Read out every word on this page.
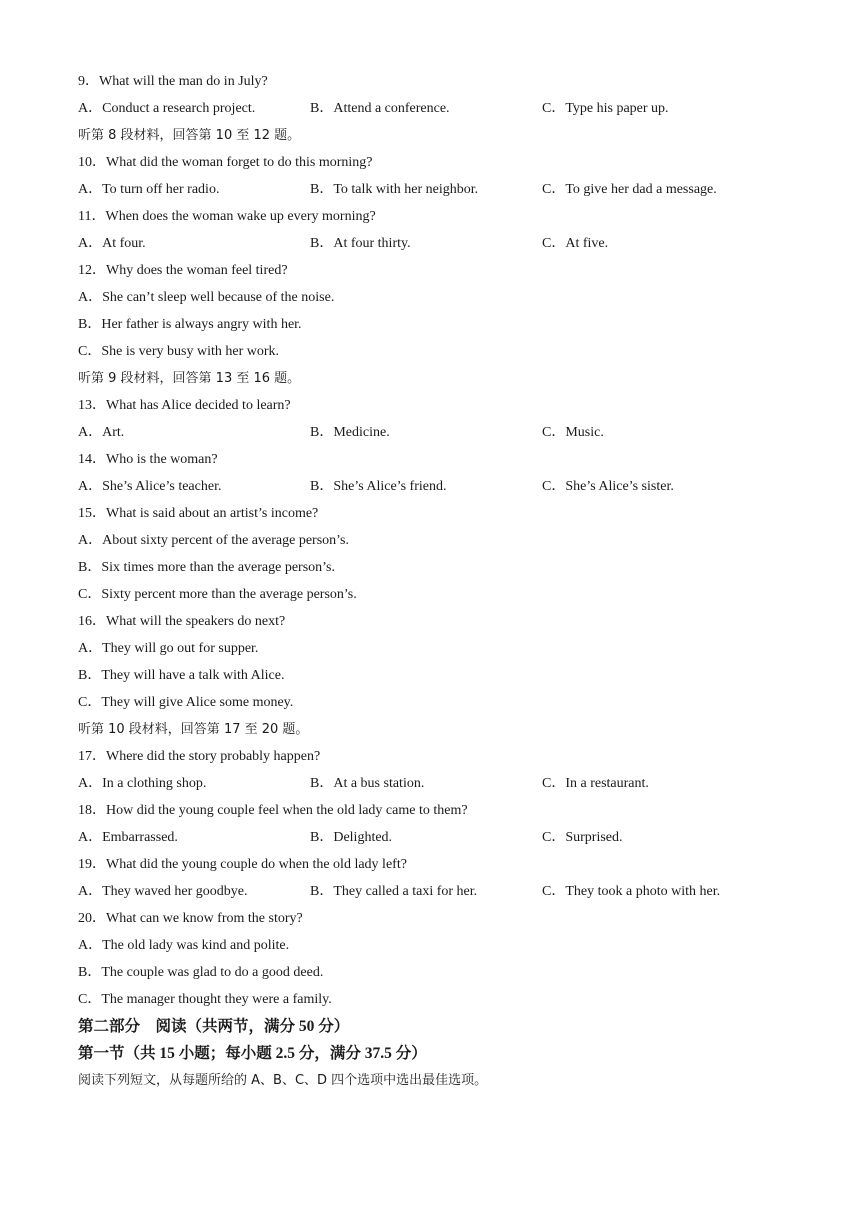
9．What will the man do in July?
A．Conduct a research project.	B．Attend a conference.	C．Type his paper up.
听第 8 段材料，回答第 10 至 12 题。
10．What did the woman forget to do this morning?
A．To turn off her radio.	B．To talk with her neighbor.	C．To give her dad a message.
11．When does the woman wake up every morning?
A．At four.	B．At four thirty.	C．At five.
12．Why does the woman feel tired?
A．She can’t sleep well because of the noise.
B．Her father is always angry with her.
C．She is very busy with her work.
听第 9 段材料，回答第 13 至 16 题。
13．What has Alice decided to learn?
A．Art.	B．Medicine.	C．Music.
14．Who is the woman?
A．She’s Alice’s teacher.	B．She’s Alice’s friend.	C．She’s Alice’s sister.
15．What is said about an artist’s income?
A．About sixty percent of the average person’s.
B．Six times more than the average person’s.
C．Sixty percent more than the average person’s.
16．What will the speakers do next?
A．They will go out for supper.
B．They will have a talk with Alice.
C．They will give Alice some money.
听第 10 段材料，回答第 17 至 20 题。
17．Where did the story probably happen?
A．In a clothing shop.	B．At a bus station.	C．In a restaurant.
18．How did the young couple feel when the old lady came to them?
A．Embarrassed.	B．Delighted.	C．Surprised.
19．What did the young couple do when the old lady left?
A．They waved her goodbye.	B．They called a taxi for her.	C．They took a photo with her.
20．What can we know from the story?
A．The old lady was kind and polite.
B．The couple was glad to do a good deed.
C．The manager thought they were a family.
第二部分　阅读（共两节，满分 50 分）
第一节（共 15 小题；每小题 2.5 分，满分 37.5 分）
阅读下列短文，从每题所给的 A、B、C、D 四个选项中选出最佳选项。
